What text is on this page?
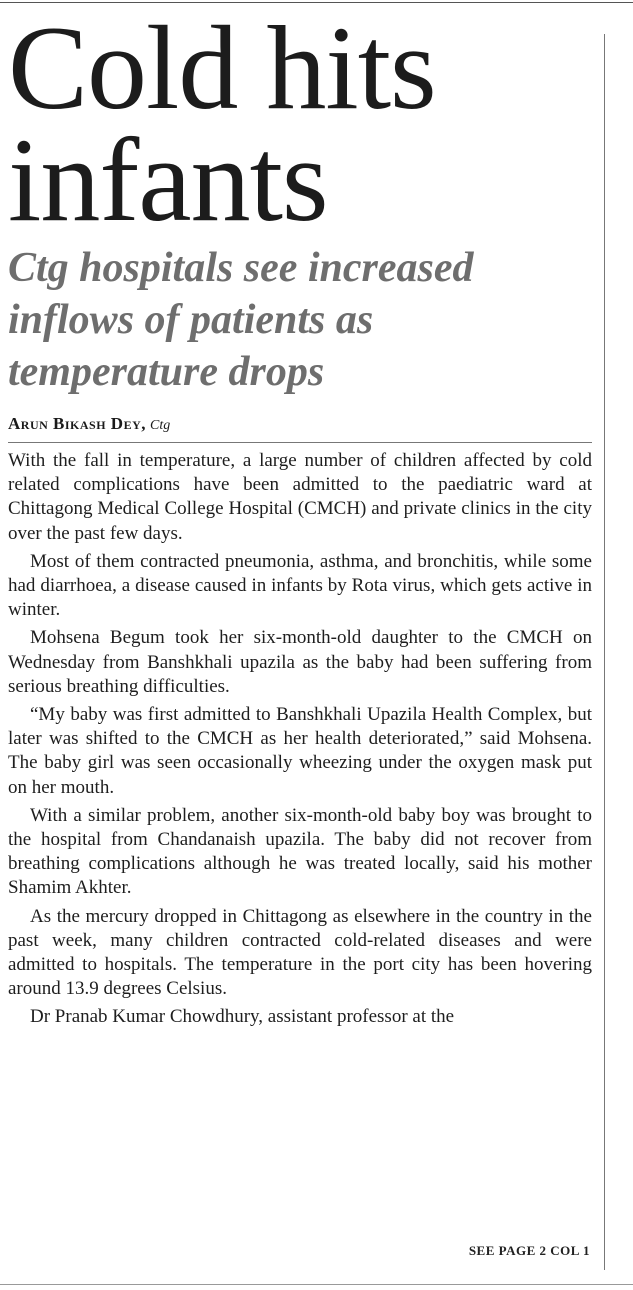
Cold hits
infants
Ctg hospitals see increased inflows of patients as temperature drops
Arun Bikash Dey, Ctg

With the fall in temperature, a large number of children affected by cold related complications have been admitted to the paediatric ward at Chittagong Medical College Hospital (CMCH) and private clinics in the city over the past few days.

Most of them contracted pneumonia, asthma, and bronchitis, while some had diarrhoea, a disease caused in infants by Rota virus, which gets active in winter.

Mohsena Begum took her six-month-old daughter to the CMCH on Wednesday from Banshkhali upazila as the baby had been suffering from serious breathing difficulties.

“My baby was first admitted to Banshkhali Upazila Health Complex, but later was shifted to the CMCH as her health deteriorated,” said Mohsena. The baby girl was seen occasionally wheezing under the oxygen mask put on her mouth.

With a similar problem, another six-month-old baby boy was brought to the hospital from Chandanaish upazila. The baby did not recover from breathing complications although he was treated locally, said his mother Shamim Akhter.

As the mercury dropped in Chittagong as elsewhere in the country in the past week, many children contracted cold-related diseases and were admitted to hospitals. The temperature in the port city has been hovering around 13.9 degrees Celsius.

Dr Pranab Kumar Chowdhury, assistant professor at the

SEE PAGE 2 COL 1
